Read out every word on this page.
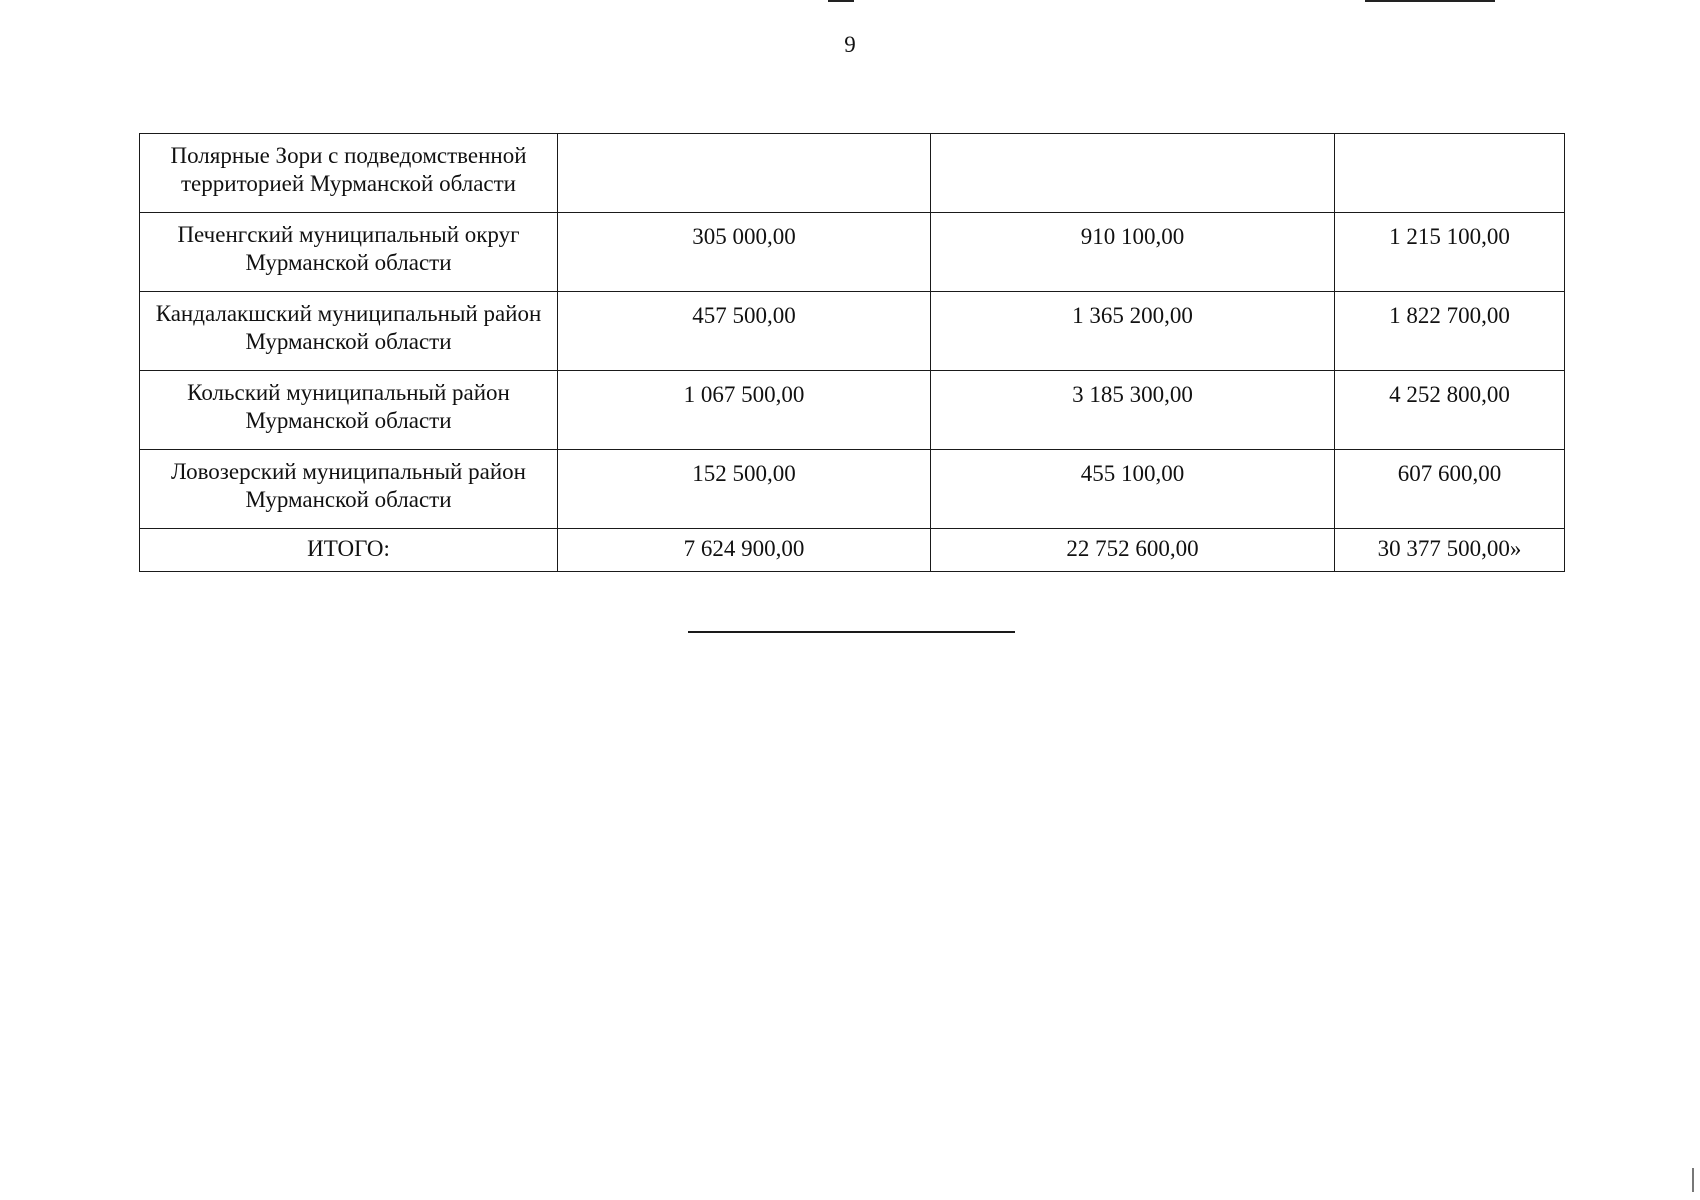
9
Полярные Зори с подведомственной территорией Мурманской области			
Печенгский муниципальный округ Мурманской области	305 000,00	910 100,00	1 215 100,00
Кандалакшский муниципальный район Мурманской области	457 500,00	1 365 200,00	1 822 700,00
Кольский муниципальный район Мурманской области	1 067 500,00	3 185 300,00	4 252 800,00
Ловозерский муниципальный район Мурманской области	152 500,00	455 100,00	607 600,00
ИТОГО:	7 624 900,00	22 752 600,00	30 377 500,00»
